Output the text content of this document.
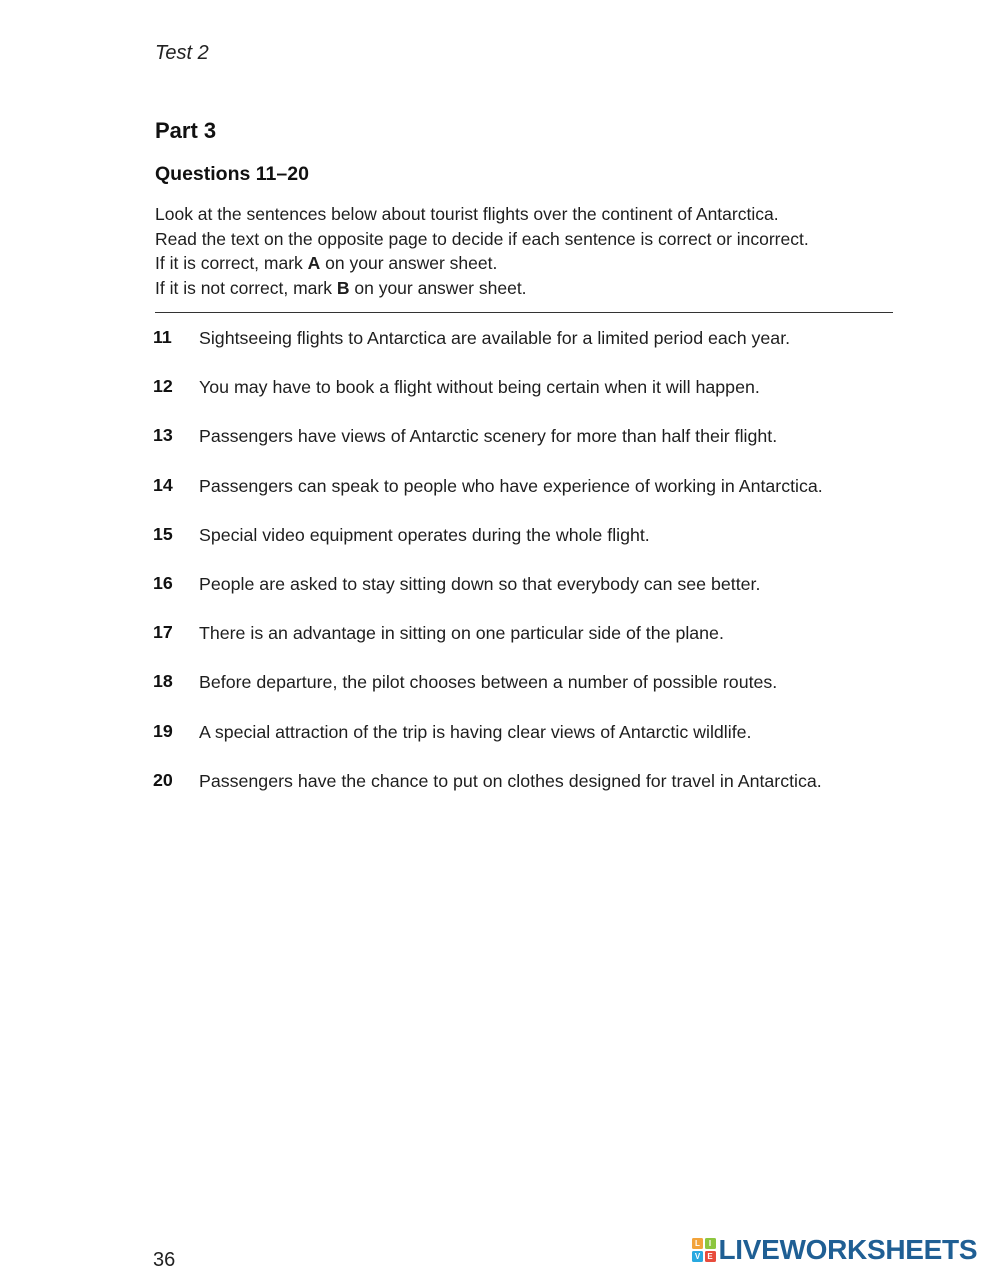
Test 2
Part 3
Questions 11–20
Look at the sentences below about tourist flights over the continent of Antarctica.
Read the text on the opposite page to decide if each sentence is correct or incorrect.
If it is correct, mark A on your answer sheet.
If it is not correct, mark B on your answer sheet.
11 Sightseeing flights to Antarctica are available for a limited period each year.
12 You may have to book a flight without being certain when it will happen.
13 Passengers have views of Antarctic scenery for more than half their flight.
14 Passengers can speak to people who have experience of working in Antarctica.
15 Special video equipment operates during the whole flight.
16 People are asked to stay sitting down so that everybody can see better.
17 There is an advantage in sitting on one particular side of the plane.
18 Before departure, the pilot chooses between a number of possible routes.
19 A special attraction of the trip is having clear views of Antarctic wildlife.
20 Passengers have the chance to put on clothes designed for travel in Antarctica.
36
L	I
V E LIVEWORKSHEETS
